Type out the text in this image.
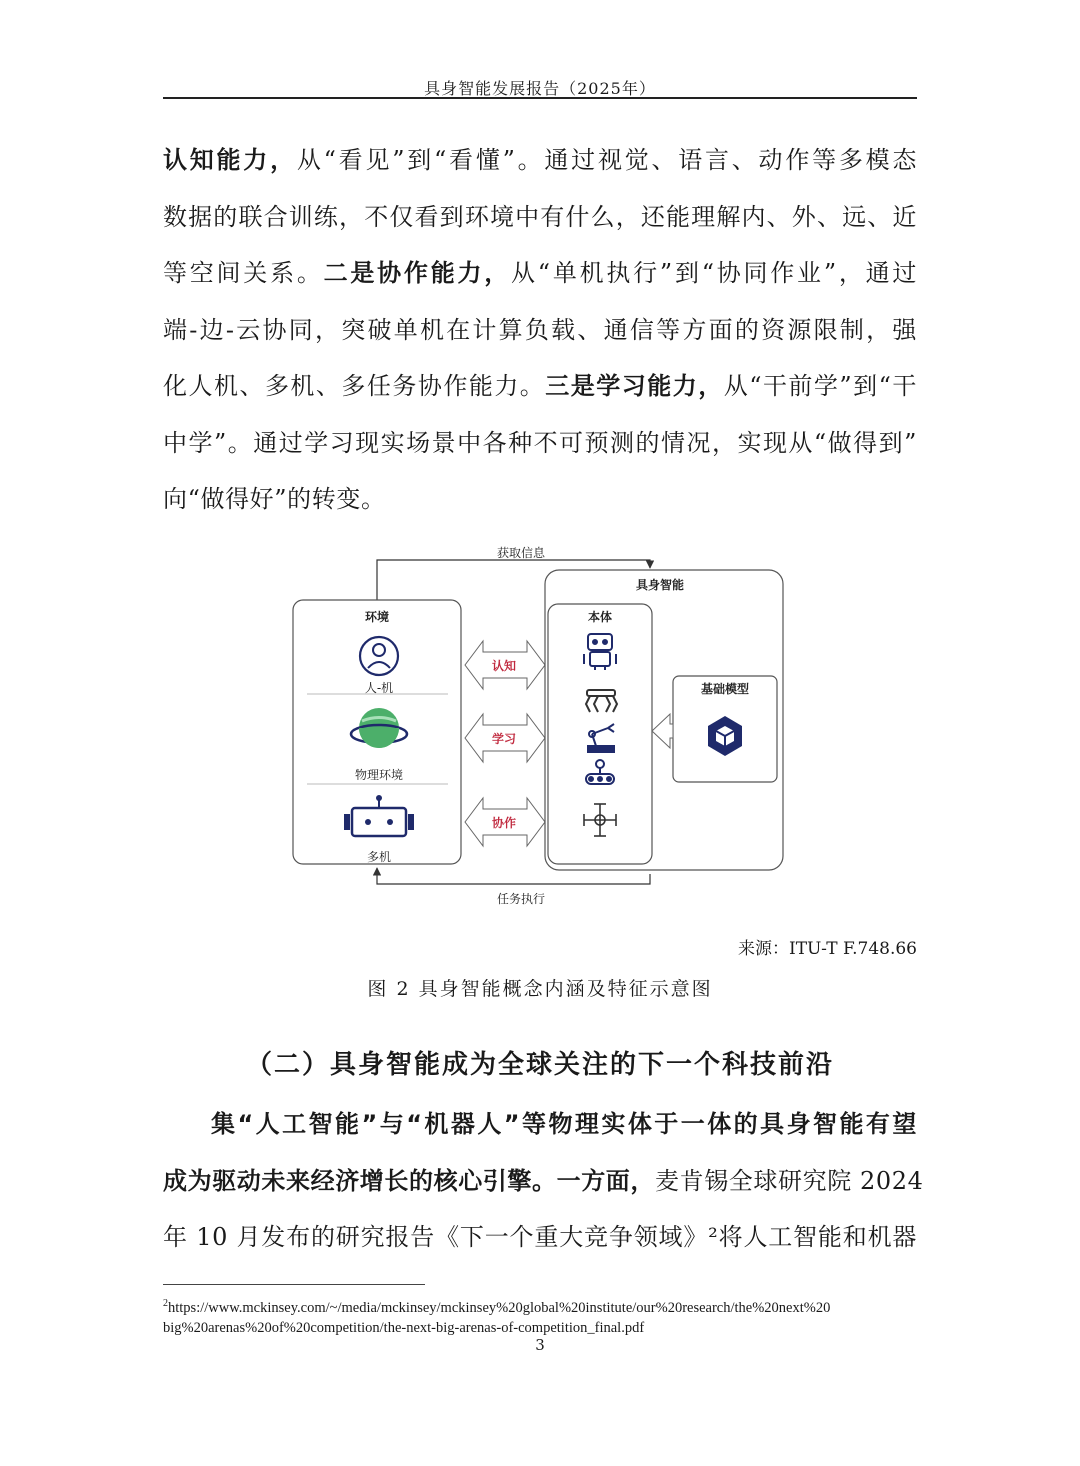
具身智能发展报告（2025年）
认知能力，从“看见”到“看懂”。通过视觉、语言、动作等多模态
数据的联合训练，不仅看到环境中有什么，还能理解内、外、远、近
等空间关系。二是协作能力，从“单机执行”到“协同作业”，通过
端-边-云协同，突破单机在计算负载、通信等方面的资源限制，强
化人机、多机、多任务协作能力。三是学习能力，从“干前学”到“干
中学”。通过学习现实场景中各种不可预测的情况，实现从“做得到”
向“做得好”的转变。
获取信息
环境
人-机
物理环境
多机
认知
学习
协作
具身智能
本体
基础模型
任务执行
来源：ITU-T F.748.66
图 2 具身智能概念内涵及特征示意图
（二）具身智能成为全球关注的下一个科技前沿
集“人工智能”与“机器人”等物理实体于一体的具身智能有望
成为驱动未来经济增长的核心引擎。一方面，麦肯锡全球研究院 2024
年 10 月发布的研究报告《下一个重大竞争领域》²将人工智能和机器
$^2$https://www.mckinsey.com/~/media/mckinsey/mckinsey%20global%20institute/our%20research/the%20next%20
big%20arenas%20of%20competition/the-next-big-arenas-of-competition_final.pdf
3
